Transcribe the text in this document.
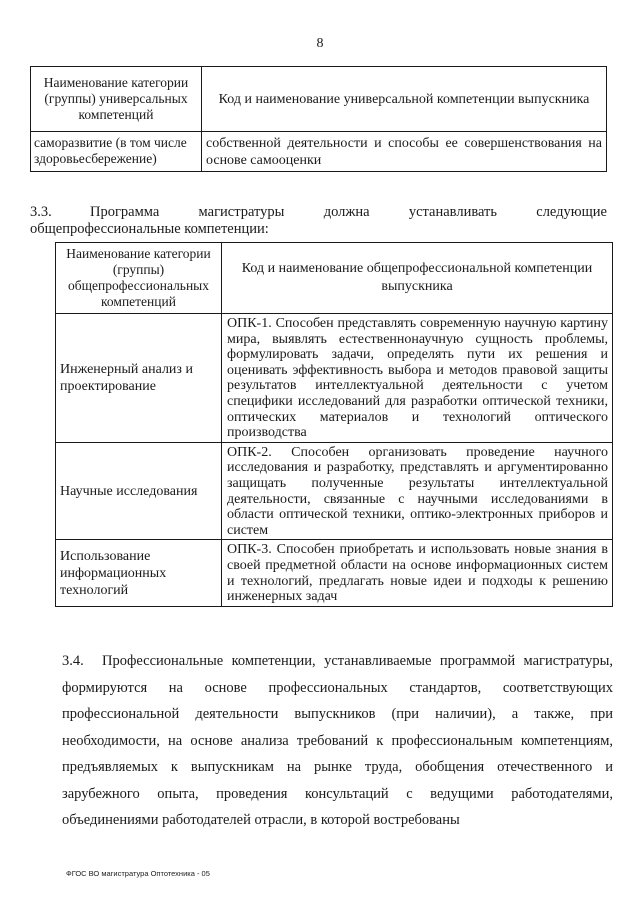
8
Наименование категории (группы) универсальных компетенций	Код и наименование универсальной компетенции выпускника
саморазвитие (в том числе здоровьесбережение)	собственной деятельности и способы ее совершенствования на основе самооценки
3.3.	Программа магистратуры должна устанавливать следующие общепрофессиональные компетенции:
Наименование категории (группы) общепрофессиональных компетенций	Код и наименование общепрофессиональной компетенции выпускника
Инженерный анализ и проектирование	ОПК-1. Способен представлять современную научную картину мира, выявлять естественнонаучную сущность проблемы, формулировать задачи, определять пути их решения и оценивать эффективность выбора и методов правовой защиты результатов интеллектуальной деятельности с учетом специфики исследований для разработки оптической техники, оптических материалов и технологий оптического производства
Научные исследования	ОПК-2. Способен организовать проведение научного исследования и разработку, представлять и аргументированно защищать полученные результаты интеллектуальной деятельности, связанные с научными исследованиями в области оптической техники, оптико-электронных приборов и систем
Использование информационных технологий	ОПК-3. Способен приобретать и использовать новые знания в своей предметной области на основе информационных систем и технологий, предлагать новые идеи и подходы к решению инженерных задач
3.4. Профессиональные компетенции, устанавливаемые программой магистратуры, формируются на основе профессиональных стандартов, соответствующих профессиональной деятельности выпускников (при наличии), а также, при необходимости, на основе анализа требований к профессиональным компетенциям, предъявляемых к выпускникам на рынке труда, обобщения отечественного и зарубежного опыта, проведения консультаций с ведущими работодателями, объединениями работодателей отрасли, в которой востребованы
ФГОС ВО магистратура Оптотехника - 05
